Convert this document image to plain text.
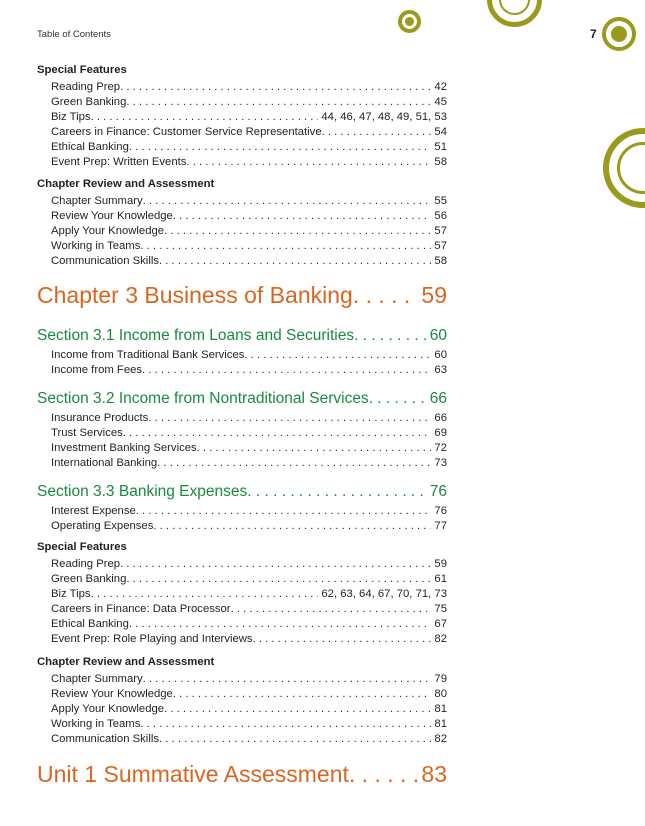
Table of Contents	7
Special Features
Reading Prep . . .	42
Green Banking . . .	45
Biz Tips . . .	44, 46, 47, 48, 49, 51, 53
Careers in Finance: Customer Service Representative . . .	54
Ethical Banking . . .	51
Event Prep: Written Events . . .	58
Chapter Review and Assessment
Chapter Summary . . .	55
Review Your Knowledge . . .	56
Apply Your Knowledge . . .	57
Working in Teams . . .	57
Communication Skills . . .	58
Chapter 3 Business of Banking . . .	59
Section 3.1 Income from Loans and Securities . . .	60
Income from Traditional Bank Services . . .	60
Income from Fees . . .	63
Section 3.2 Income from Nontraditional Services . . .	66
Insurance Products . . .	66
Trust Services . . .	69
Investment Banking Services . . .	72
International Banking . . .	73
Section 3.3 Banking Expenses . . .	76
Interest Expense . . .	76
Operating Expenses . . .	77
Special Features
Reading Prep . . .	59
Green Banking . . .	61
Biz Tips . . .	62, 63, 64, 67, 70, 71, 73
Careers in Finance: Data Processor . . .	75
Ethical Banking . . .	67
Event Prep: Role Playing and Interviews . . .	82
Chapter Review and Assessment
Chapter Summary . . .	79
Review Your Knowledge . . .	80
Apply Your Knowledge . . .	81
Working in Teams . . .	81
Communication Skills . . .	82
Unit 1 Summative Assessment . . .	83
